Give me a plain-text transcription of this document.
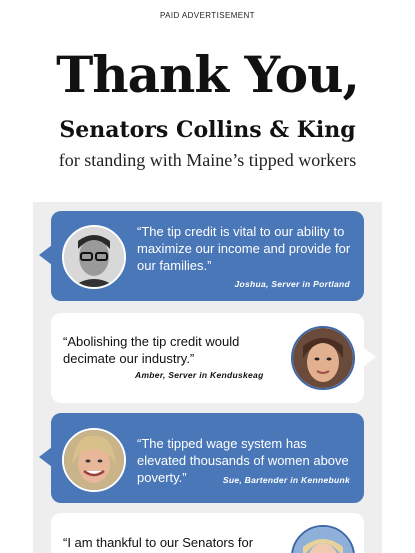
PAID ADVERTISEMENT
Thank You,
Senators Collins & King
for standing with Maine’s tipped workers
“The tip credit is vital to our ability to maximize our income and provide for our families.”
Joshua, Server in Portland
“Abolishing the tip credit would decimate our industry.”
Amber, Server in Kenduskeag
“The tipped wage system has elevated thousands of women above poverty.”	Sue, Bartender in Kennebunk
“I am thankful to our Senators for
